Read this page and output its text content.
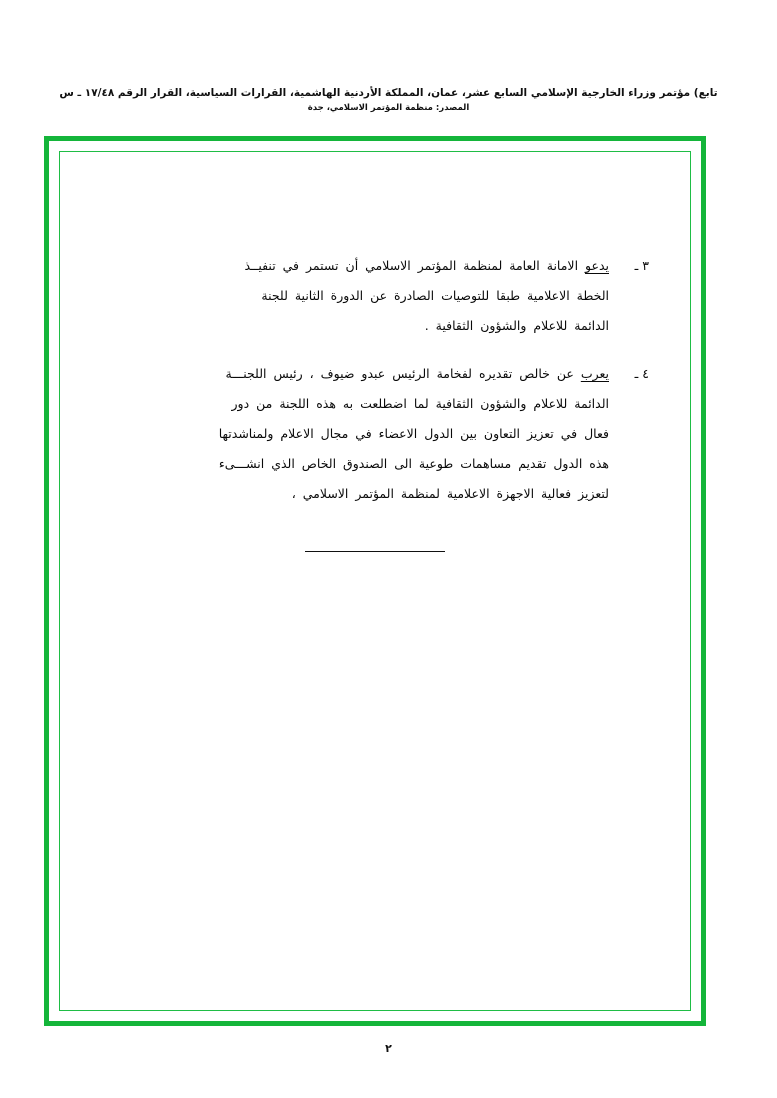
تابع) مؤتمر وزراء الخارجية الإسلامي السابع عشر، عمان، المملكة الأردنية الهاشمية، القرارات السياسية، القرار الرقم ١٧/٤٨ ـ س
المصدر: منظمة المؤتمر الاسلامي، جدة
٣ ـ
يدعو الامانة العامة لمنظمة المؤتمر الاسلامي أن تستمر في تنفيــذ
الخطة الاعلامية طبقا للتوصيات الصادرة عن الدورة الثانية للجنة
الدائمة للاعلام والشؤون الثقافية .
٤ ـ
يعرب عن خالص تقديره لفخامة الرئيس عبدو ضيوف ، رئيس اللجنـــة
الدائمة للاعلام والشؤون الثقافية لما اضطلعت به هذه اللجنة من دور
فعال في تعزيز التعاون بين الدول الاعضاء في مجال الاعلام ولمناشدتها
هذه الدول تقديم مساهمات طوعية الى الصندوق الخاص الذي انشـــىء
لتعزيز فعالية الاجهزة الاعلامية لمنظمة المؤتمر الاسلامي ،
٢
